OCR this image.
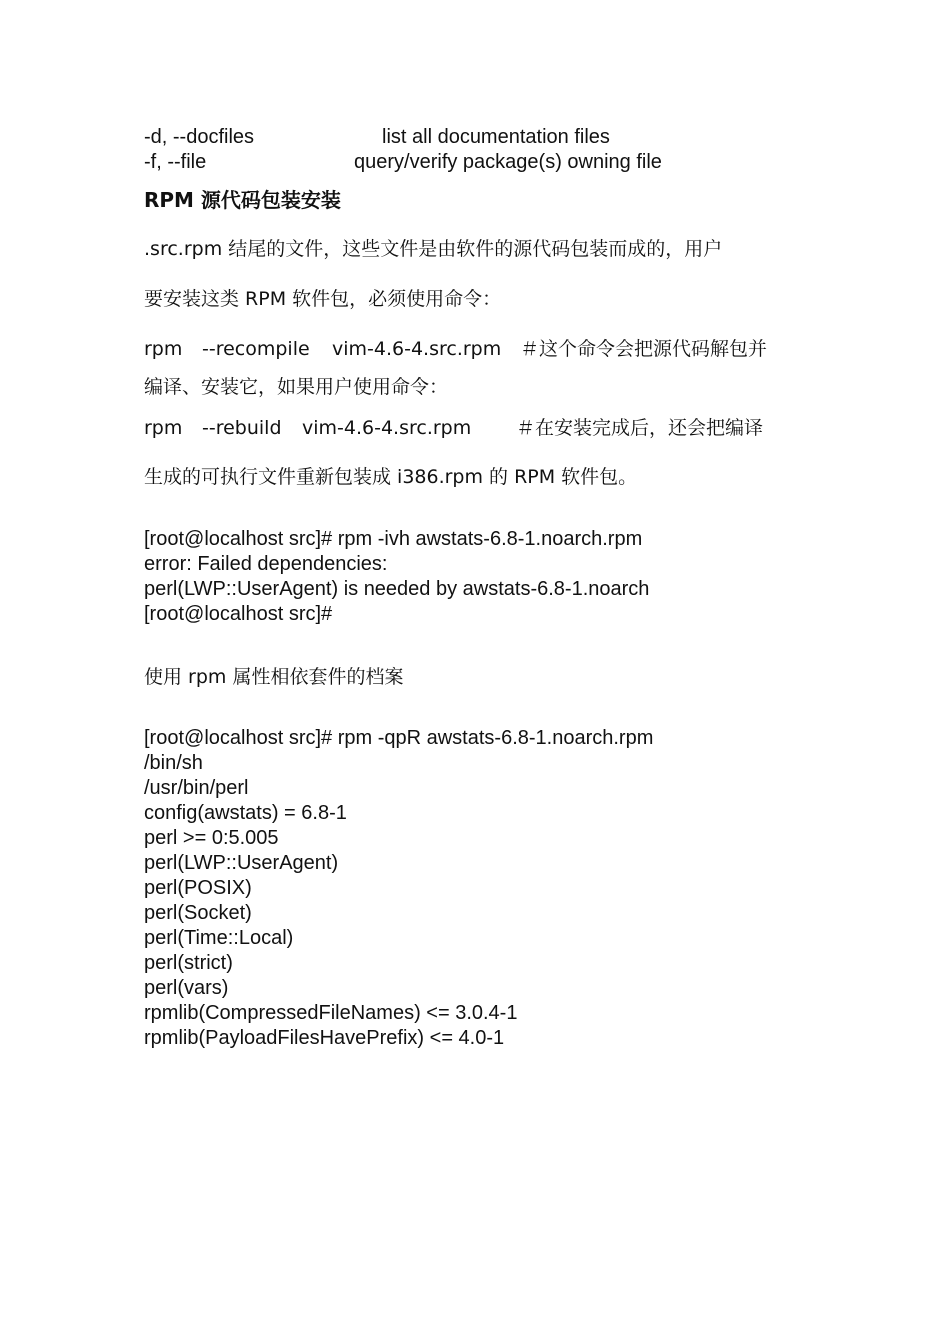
-d, --docfiles

	list all documentation files

-f, --file

	query/verify package(s) owning file

RPM 源代码包装安装
.src.rpm 结尾的文件，这些文件是由软件的源代码包装而成的，用户
要安装这类 RPM 软件包，必须使用命令：

rpm

--recompile

vim-4.6-4.src.rpm

＃这个命令会把源代码解包并

编译、安装它，如果用户使用命令：

rpm

--rebuild

vim-4.6-4.src.rpm

＃在安装完成后，还会把编译

生成的可执行文件重新包装成 i386.rpm 的 RPM 软件包。
[root@localhost src]# rpm -ivh awstats-6.8-1.noarch.rpm
error: Failed dependencies:
perl(LWP::UserAgent) is needed by awstats-6.8-1.noarch
[root@localhost src]#
使用 rpm 属性相依套件的档案
[root@localhost src]# rpm -qpR awstats-6.8-1.noarch.rpm
/bin/sh
/usr/bin/perl
config(awstats) = 6.8-1
perl >= 0:5.005
perl(LWP::UserAgent)
perl(POSIX)
perl(Socket)
perl(Time::Local)
perl(strict)
perl(vars)
rpmlib(CompressedFileNames) <= 3.0.4-1
rpmlib(PayloadFilesHavePrefix) <= 4.0-1
